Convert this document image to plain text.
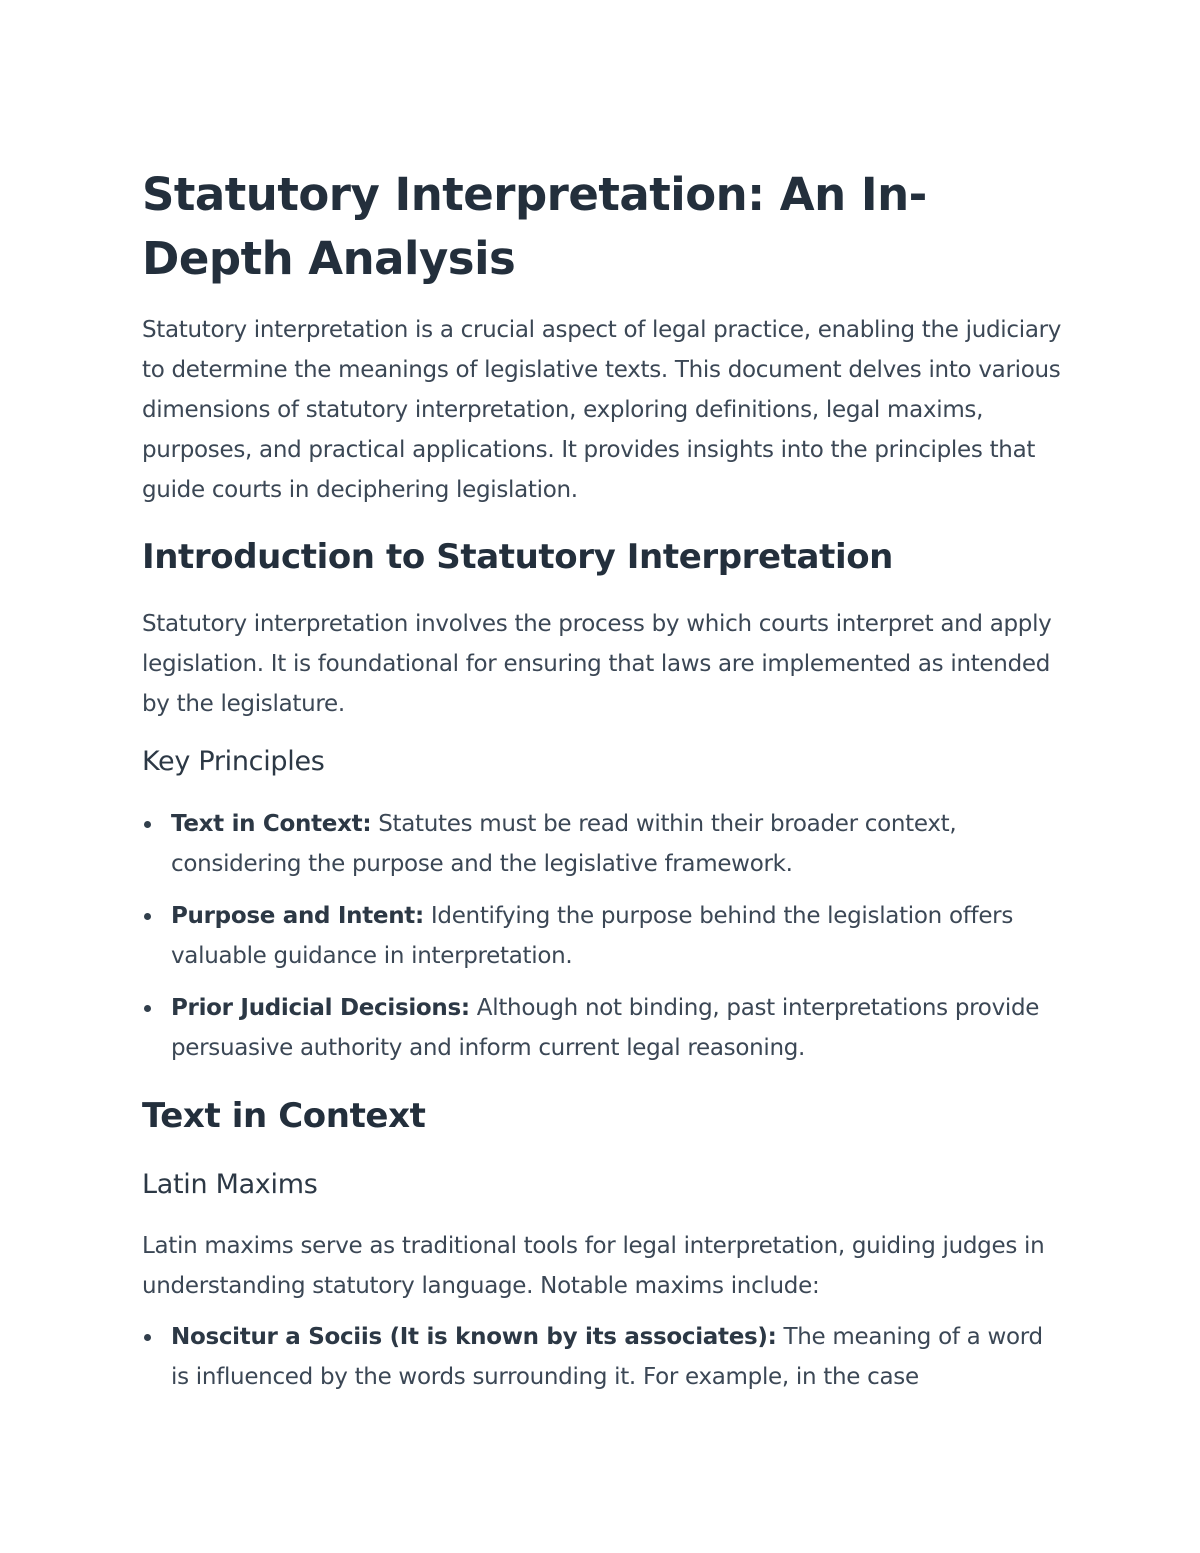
Statutory Interpretation: An In-Depth Analysis

Statutory interpretation is a crucial aspect of legal practice, enabling the judiciary to determine the meanings of legislative texts. This document delves into various dimensions of statutory interpretation, exploring definitions, legal maxims, purposes, and practical applications. It provides insights into the principles that guide courts in deciphering legislation.

Introduction to Statutory Interpretation

Statutory interpretation involves the process by which courts interpret and apply legislation. It is foundational for ensuring that laws are implemented as intended by the legislature.

Key Principles
Text in Context: Statutes must be read within their broader context, considering the purpose and the legislative framework.
Purpose and Intent: Identifying the purpose behind the legislation offers valuable guidance in interpretation.
Prior Judicial Decisions: Although not binding, past interpretations provide persuasive authority and inform current legal reasoning.
Text in Context
Latin Maxims

Latin maxims serve as traditional tools for legal interpretation, guiding judges in understanding statutory language. Notable maxims include:

Noscitur a Sociis (It is known by its associates): The meaning of a word is influenced by the words surrounding it. For example, in the case
